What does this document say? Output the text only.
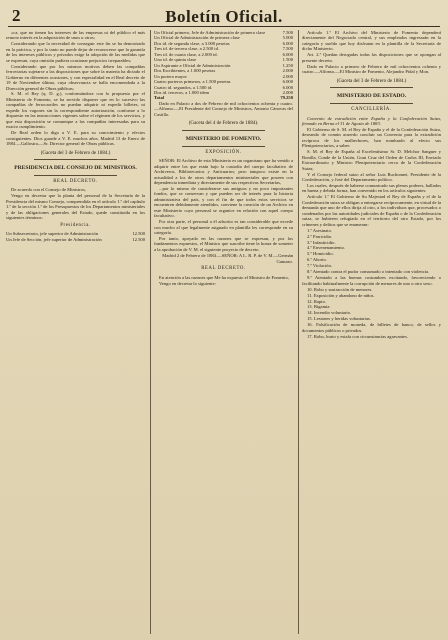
2	Boletín Oficial.

«ca, que no tienen los intereses de las empresas ni del público el más remoto interés en la adquisición de unos u otros;

Considerando que la necesidad de conseguir este fin se ha demostrado en la práctica, y por lo tanto no puede dejar de reconocerse que la garantía de los intereses públicos y privados exige la adopción de las medidas que se expresan, cuya omisión pudiera ocasionar perjuicios irreparables;

Considerando que por los mismos motivos deben las compañías ferroviarias sujetarse a las disposiciones que sobre la materia ha dictado el Gobierno en diferentes ocasiones, y con especialidad en el Real decreto de 19 de Noviembre último, cuya observancia se halla encomendada a la Dirección general de Obras públicas;

S. M. el Rey (q. D. g.), conformándose con lo propuesto por el Ministerio de Fomento, se ha servido disponer que en lo sucesivo las compañías de ferrocarriles no puedan adquirir ni expedir billetes, ni expedir los vagones sin la correspondiente autorización, conforme a lo dispuesto en las instrucciones vigentes sobre el régimen de los servicios, y que esta disposición se comunique a las compañías interesadas para su exacto cumplimiento.

De Real orden lo digo a V. E. para su conocimiento y efectos consiguientes. Dios guarde a V. E. muchos años. Madrid 13 de Enero de 1884.—Gallostra.—Sr. Director general de Obras públicas.

(Gaceta del 3 de Febrero de 1884.)

PRESIDENCIA DEL CONSEJO DE MINISTROS.

REAL DECRETO.

De acuerdo con el Consejo de Ministros,

Vengo en decretar que la planta del personal de la Secretaría de la Presidencia del mismo Consejo, comprendida en el artículo 1.º del capítulo 1.º de la sección 1.ª de los Presupuestos de los Departamentos ministeriales y de las obligaciones generales del Estado, quede constituida en los siguientes términos:

Presidencia.

Un Subsecretario, jefe superior de Administración	12.500
Un Jefe de Sección, jefe superior de Administración	12.500
Un Oficial primero, Jefe de Administración de primera clase	7.500
Un Oficial de Administración de primera clase	5.000
Dos id. de segunda clase, a 3.000 pesetas	6.000
Tres id. de tercera clase, a 2.500 id.	7.500
Tres id. de cuarta clase, a 2.000 id.	6.000
Uno id. de quinta clase	1.500
Un Aspirante a Oficial de Administración	1.250
Dos Escribientes, a 1.000 pesetas	2.000
Un portero mayor	2.000
Cuatro porteros primeros, a 1.500 pesetas	6.000
Cuatro id. segundos, a 1.500 id.	6.000
Dos id. terceros, a 1.000 idem	2.000
Total	79.250

Dado en Palacio a dos de Febrero de mil ochocientos ochenta y cuatro.—Alfonso.—El Presidente del Consejo de Ministros, Antonio Cánovas del Castillo.

(Gaceta del 4 de Febrero de 1884).

MINISTERIO DE FOMENTO.

EXPOSICIÓN.

SEÑOR: El Archivo de esta Ministerio es un organismo que ha venido a adquirir entre los que están bajo la custodia del cuerpo facultativo de Archiveros, Bibliotecarios y Anticuarios; pero tampoco existe en la actualidad a los de otros departamentos ministeriales que poseen con dependencia inmediata y directamente de sus respectivas Secretarías,

...por lo mismo de considerarse sus antiguos y no poco importantes fondos, que se conservan y que pueden ser de interés para la historia administrativa del país, y con el fin de que todos estos servicios se encuentren debidamente atendidos, conviene la creación de un Archivo en este Ministerio cuyo personal se organice en relación con aquel cuerpo facultativo.

Por otra parte, el personal a él adscrito es tan considerable que excede con mucho al que legalmente asignado en plantilla les corresponde en su categoría.

Por tanto, apoyado en las razones que se expresan, y por los fundamentos expuestos, el Ministro que suscribe tiene la honra de someter a la aprobación de V. M. el siguiente proyecto de decreto.

Madrid 2 de Febrero de 1884.—SEÑOR: A L. R. P. de V. M.—Germán Gamazo.

REAL DECRETO.

En atención a las razones que Me ha expuesto el Ministro de Fomento,

Vengo en decretar lo siguiente:

Artículo 1.º El Archivo del Ministerio de Fomento dependerá directamente del Negociado central, y sus empleados ingresarán en la categoría y sueldo que hoy disfrutan en la plantilla de la Secretaría de dicho Ministerio.

Art. 2.º Quedan derogadas todas las disposiciones que se opongan al presente decreto.

Dado en Palacio a primero de Febrero de mil ochocientos ochenta y cuatro.—Alfonso.—El Ministro de Fomento, Alejandro Pidal y Mon.

(Gaceta del 3 de Febrero de 1884.)

MINISTERIO DE ESTADO.

CANCILLERÍA.

Convenio de extradición entre España y la Confederación Suiza, firmado en Berna el 31 de Agosto de 1883.

El Gobierno de S. M. el Rey de España y el de la Confederación Suiza, deseando de común acuerdo concluir un Convenio para la extradición recíproca de los malhechores, han nombrado al efecto sus Plenipotenciarios, a saber:

S. M. el Rey de España al Excelentísimo Sr. D. Melchor Sanguer y Bonilla, Conde de la Unión, Gran Cruz del Orden de Carlos III, Enviado Extraordinario y Ministro Plenipotenciario cerca de la Confederación Suiza;

Y el Consejo federal suizo al señor Luis Ruchonnet, Presidente de la Confederación, y José del Departamento político.

Los cuales, después de haberse comunicado sus plenos poderes, hallados en buena y debida forma, han convenido en los artículos siguientes:

Artículo 1.º El Gobierno de Su Majestad el Rey de España y el de la Confederación suiza se obligan a entregarse recíprocamente, en virtud de la demanda que uno de ellos dirija al otro, a los individuos que, procesados o condenados por las autoridades judiciales de España o de la Confederación suiza, se hubieren refugiado en el territorio del otro Estado, por los crímenes y delitos que se enumeran:

1.º Asesinato.

2.º Parricidio.

3.º Infanticidio.

4.º Envenenamiento.

5.º Homicidio.

6.º Aborto.

7.º Violación.

8.º Atentado contra el pudor consumado o intentado con violencia.

9.º Atentado a las buenas costumbres excitando, favoreciendo o facilitando habitualmente la corrupción de menores de uno u otro sexo.

10. Robo y sustracción de menores.

11. Exposición y abandono de niños.

12. Rapto.

13. Bigamia.

14. Incendio voluntario.

15. Lesiones y heridas voluntarias.

16. Falsificación de moneda, de billetes de banco, de sellos y documentos públicos o privados.

17. Robo, hurto y estafa con circunstancias agravantes.
